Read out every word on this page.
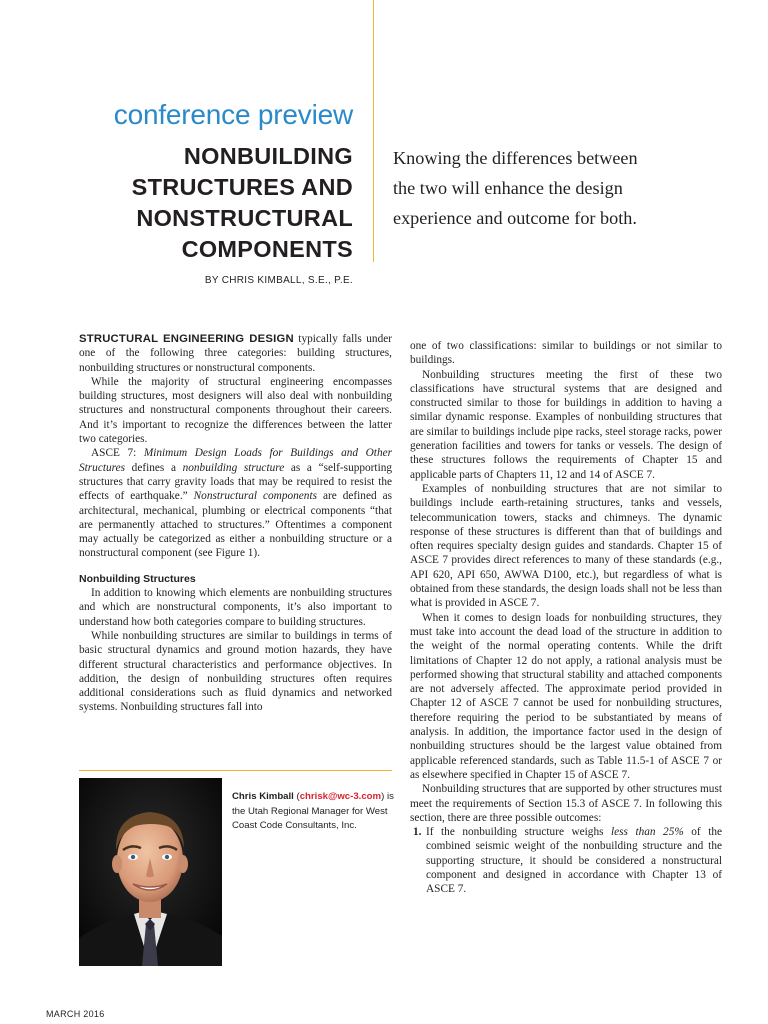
conference preview
NONBUILDING
STRUCTURES AND
NONSTRUCTURAL
COMPONENTS
BY CHRIS KIMBALL, S.E., P.E.
Knowing the differences between
the two will enhance the design
experience and outcome for both.

STRUCTURAL ENGINEERING DESIGN typically falls under one of the following three categories: building structures, nonbuilding structures or nonstructural components.

While the majority of structural engineering encompasses building structures, most designers will also deal with nonbuilding structures and nonstructural components throughout their careers. And it’s important to recognize the differences between the latter two categories.

ASCE 7: Minimum Design Loads for Buildings and Other Structures defines a nonbuilding structure as a “self-supporting structures that carry gravity loads that may be required to resist the effects of earthquake.” Nonstructural components are defined as architectural, mechanical, plumbing or electrical components “that are permanently attached to structures.” Oftentimes a component may actually be categorized as either a nonbuilding structure or a nonstructural component (see Figure 1).

Nonbuilding Structures

In addition to knowing which elements are nonbuilding structures and which are nonstructural components, it’s also important to understand how both categories compare to building structures.

While nonbuilding structures are similar to buildings in terms of basic structural dynamics and ground motion hazards, they have different structural characteristics and performance objectives. In addition, the design of nonbuilding structures often requires additional considerations such as fluid dynamics and networked systems. Nonbuilding structures fall into

one of two classifications: similar to buildings or not similar to buildings.

Nonbuilding structures meeting the first of these two classifications have structural systems that are designed and constructed similar to those for buildings in addition to having a similar dynamic response. Examples of nonbuilding structures that are similar to buildings include pipe racks, steel storage racks, power generation facilities and towers for tanks or vessels. The design of these structures follows the requirements of Chapter 15 and applicable parts of Chapters 11, 12 and 14 of ASCE 7.

Examples of nonbuilding structures that are not similar to buildings include earth-retaining structures, tanks and vessels, telecommunication towers, stacks and chimneys. The dynamic response of these structures is different than that of buildings and often requires specialty design guides and standards. Chapter 15 of ASCE 7 provides direct references to many of these standards (e.g., API 620, API 650, AWWA D100, etc.), but regardless of what is obtained from these standards, the design loads shall not be less than what is provided in ASCE 7.

When it comes to design loads for nonbuilding structures, they must take into account the dead load of the structure in addition to the weight of the normal operating contents. While the drift limitations of Chapter 12 do not apply, a rational analysis must be performed showing that structural stability and attached components are not adversely affected. The approximate period provided in Chapter 12 of ASCE 7 cannot be used for nonbuilding structures, therefore requiring the period to be substantiated by means of analysis. In addition, the importance factor used in the design of nonbuilding structures should be the largest value obtained from applicable referenced standards, such as Table 11.5-1 of ASCE 7 or as elsewhere specified in Chapter 15 of ASCE 7.

Nonbuilding structures that are supported by other structures must meet the requirements of Section 15.3 of ASCE 7. In following this section, there are three possible outcomes:

1. If the nonbuilding structure weighs less than 25% of the combined seismic weight of the nonbuilding structure and the supporting structure, it should be considered a nonstructural component and designed in accordance with Chapter 13 of ASCE 7.
Chris Kimball (chrisk@wc-3.com) is the Utah Regional Manager for West Coast Code Consultants, Inc.
MARCH 2016
